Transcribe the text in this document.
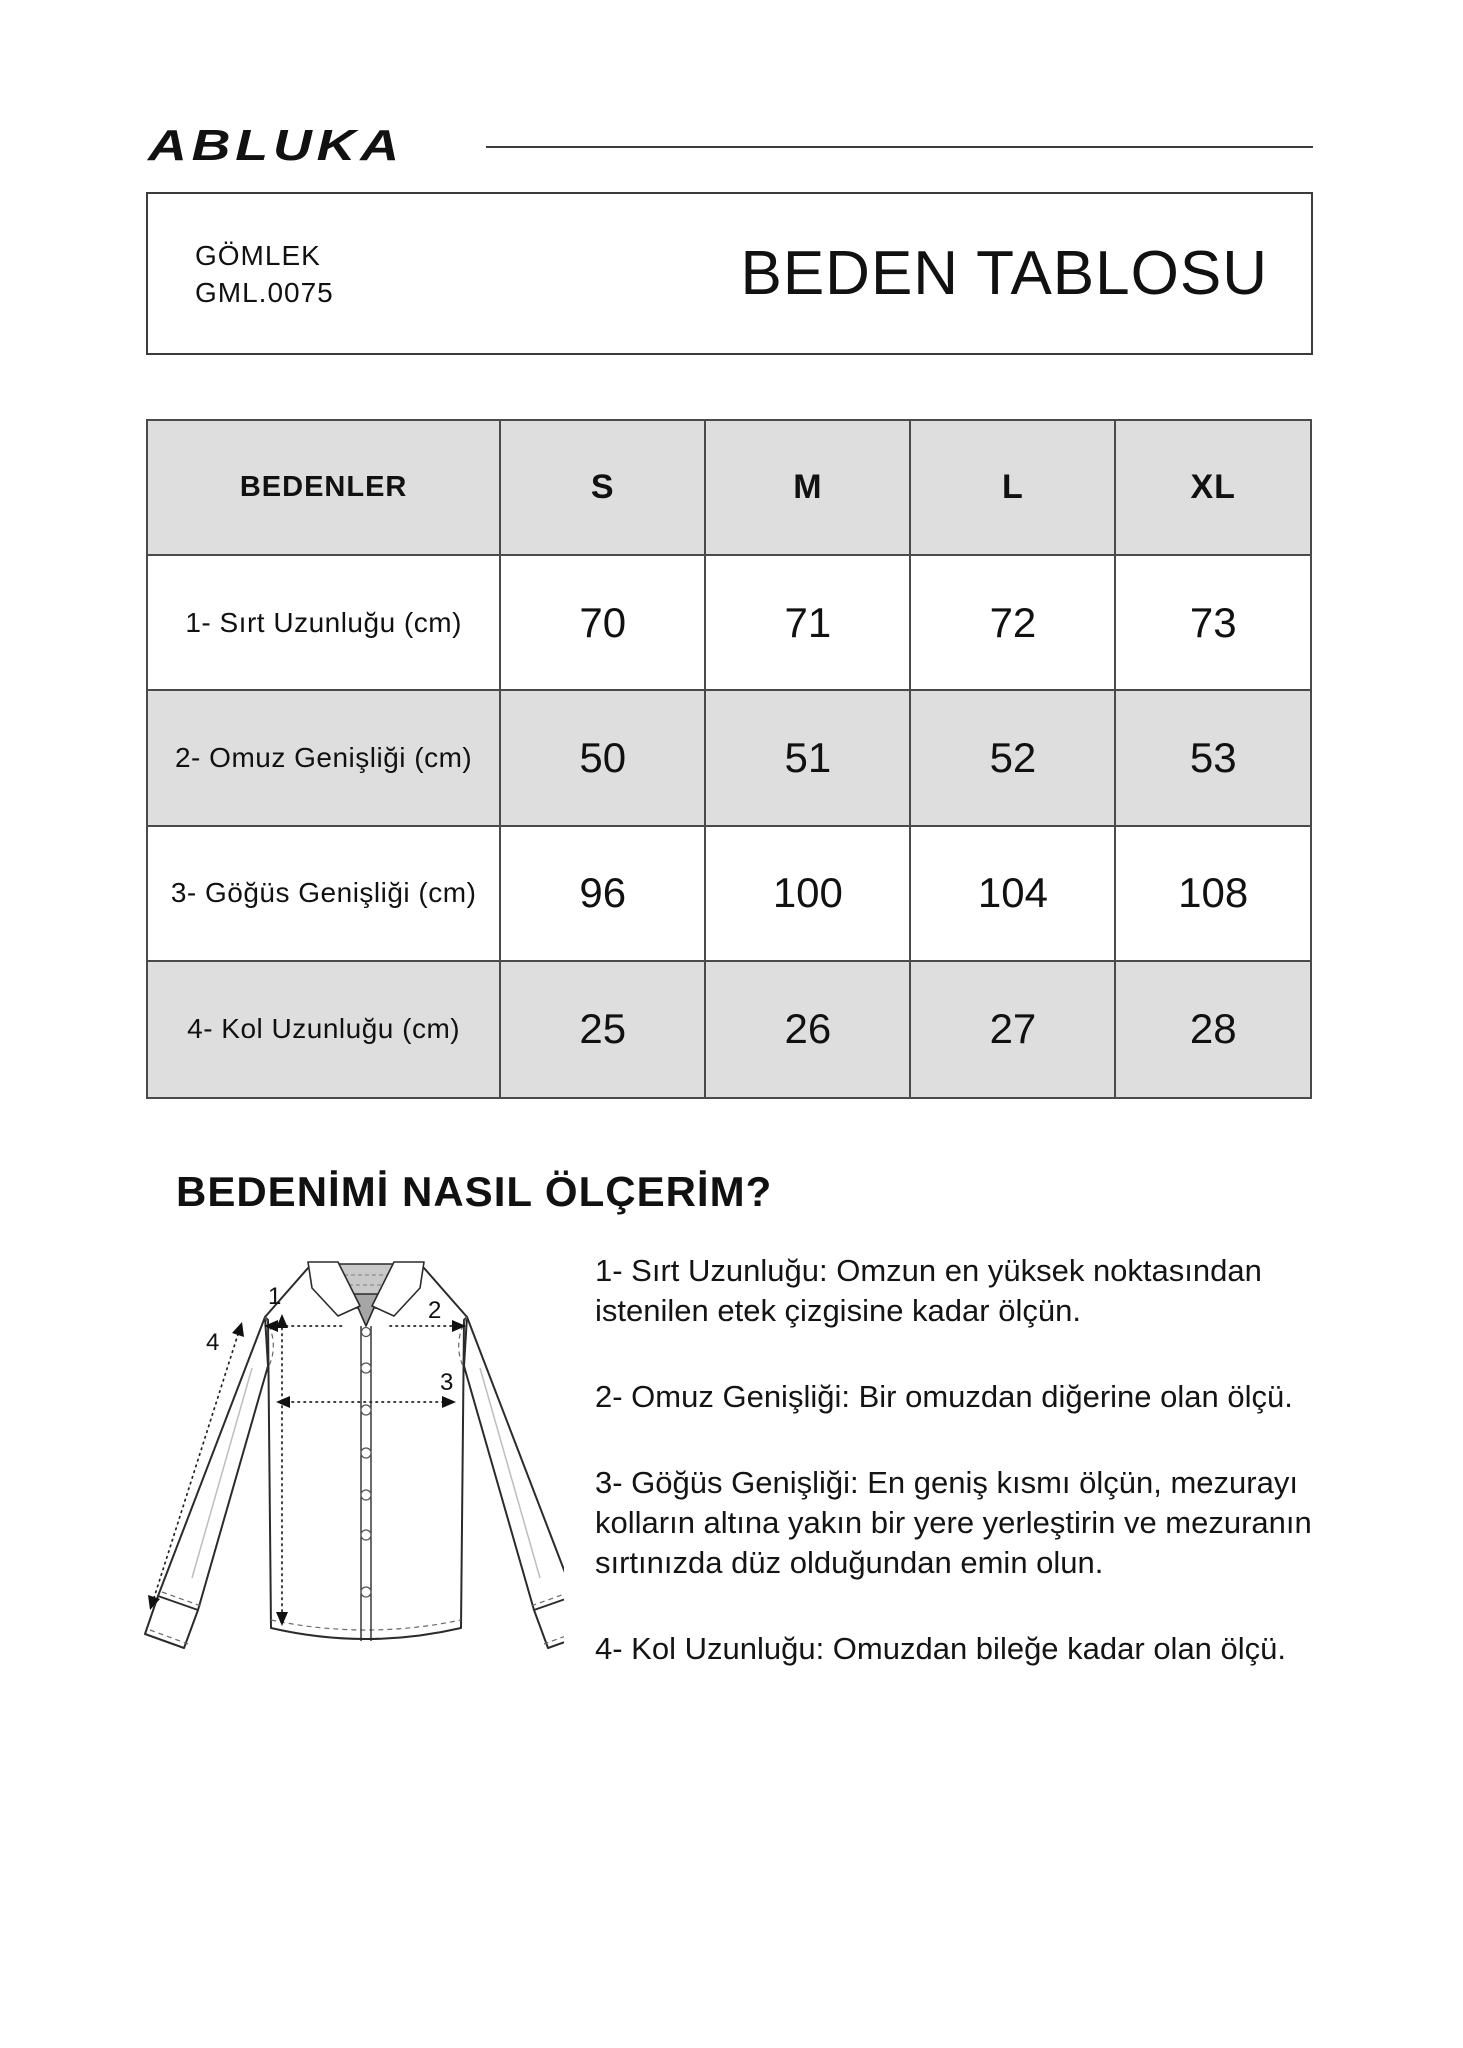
ABLUKA
GÖMLEK
GML.0075	BEDEN TABLOSU
BEDENLER	S	M	L	XL
1- Sırt Uzunluğu (cm)	70	71	72	73
2- Omuz Genişliği (cm)	50	51	52	53
3- Göğüs Genişliği (cm)	96	100	104	108
4- Kol Uzunluğu (cm)	25	26	27	28
BEDENİMİ NASIL ÖLÇERİM?
1
2
3
4

1- Sırt Uzunluğu: Omzun en yüksek noktasından istenilen etek çizgisine kadar ölçün.

2- Omuz Genişliği: Bir omuzdan diğerine olan ölçü.

3- Göğüs Genişliği: En geniş kısmı ölçün, mezurayı kolların altına yakın bir yere yerleştirin ve mezuranın sırtınızda düz olduğundan emin olun.

4- Kol Uzunluğu: Omuzdan bileğe kadar olan ölçü.
